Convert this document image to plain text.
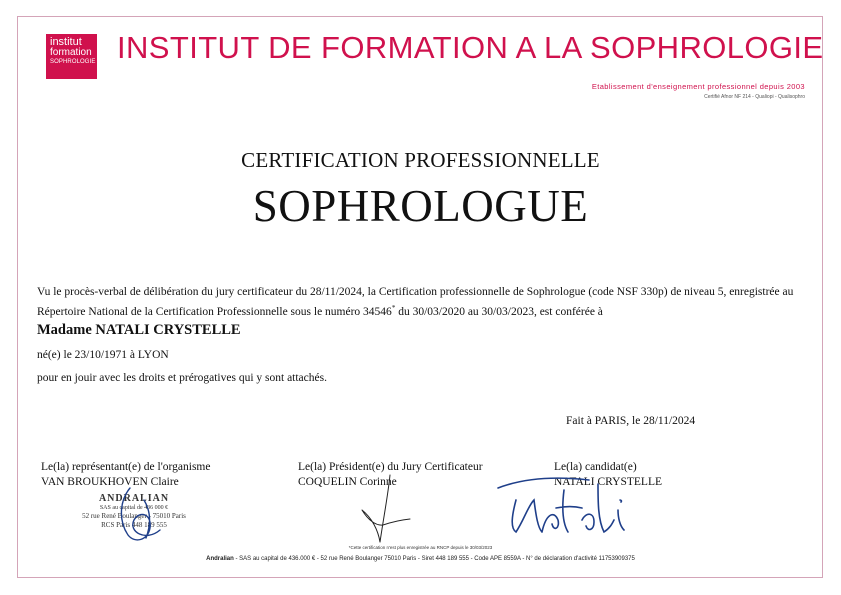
institut
formation
SOPHROLOGIE INSTITUT DE FORMATION A LA SOPHROLOGIE
Etablissement d'enseignement professionnel depuis 2003
Certifié Afnor NF 214 - Qualiopi - Qualisophro
CERTIFICATION PROFESSIONNELLE
SOPHROLOGUE
Vu le procès-verbal de délibération du jury certificateur du 28/11/2024, la Certification professionnelle de Sophrologue (code NSF 330p) de niveau 5, enregistrée au Répertoire National de la Certification Professionnelle sous le numéro 34546* du 30/03/2020 au 30/03/2023, est conférée à
Madame NATALI CRYSTELLE
né(e) le 23/10/1971 à LYON
pour en jouir avec les droits et prérogatives qui y sont attachés.
Fait à PARIS, le 28/11/2024
Le(la) représentant(e) de l'organisme
VAN BROUKHOVEN Claire
Le(la) Président(e) du Jury Certificateur
COQUELIN Corinne
Le(la) candidat(e)
NATALI CRYSTELLE
ANDRALIAN
SAS au capital de 436 000 €
52 rue René Boulanger - 75010 Paris
RCS Paris 448 189 555
*Cette certification n'est plus enregistrée au RNCP depuis le 30/03/2023
Andralian - SAS au capital de 436.000 € - 52 rue René Boulanger 75010 Paris - Siret 448 189 555 - Code APE 8559A - N° de déclaration d'activité 11753909375
